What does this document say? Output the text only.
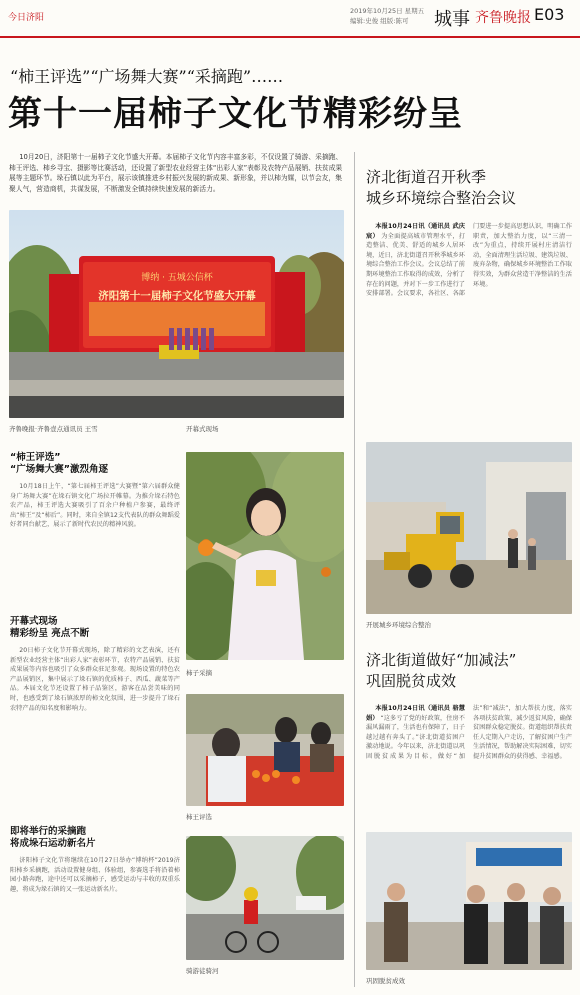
今日济阳
2019年10月25日 星期五
编辑:史俊 组版:陈可	城事 齐鲁晚报 E03
“柿王评选”“广场舞大赛”“采摘跑”……
第十一届柿子文化节精彩纷呈
10月20日，济阳第十一届柿子文化节盛大开幕。本届柿子文化节内容丰富多彩，不仅设置了骑游、采摘跑、柿王评选、柿乡寻宝、摄影等比赛活动，还设置了新型农业经营主体“出彩人家”表彰及农特产品展销、扶贫成果展等主题环节。垛石镇以此为平台，展示该镇推进乡村振兴发展的新成果、新形象，并以柿为媒，以节会友，集聚人气，营造商机，共谋发展，不断激发全镇持续快速发展的新活力。
博纳 · 五城公信杯
济阳第十一届柿子文化节盛大开幕
齐鲁晚报·齐鲁壹点通讯员 王雪	开幕式现场
“柿王评选”
“广场舞大赛”激烈角逐
10月18日上午，“第七届柿王评选”大赛暨“第六届群众健身广场舞大赛”在垛石镇文化广场拉开帷幕。为推介垛石特色农产品，柿王评选大赛吸引了百余户种植户参赛，最终评出“柿王”及“柿后”。同时，来自全镇12支代表队的群众舞蹈爱好者同台献艺，展示了新时代农民的精神风貌。
柿子采摘
开幕式现场
精彩纷呈 亮点不断
20日柿子文化节开幕式现场，除了精彩的文艺表演，还有新型农业经营主体“出彩人家”表彰环节，农特产品展销、扶贫成果展等内容也吸引了众多群众驻足参观。现场设置的特色农产品展销区，集中展示了垛石镇的优质柿子、西瓜、蔬菜等产品。本届文化节还设置了柿子品鉴区，游客在品尝美味的同时，也感受到了垛石镇浓厚的柿文化氛围，进一步提升了垛石农特产品的知名度和影响力。
柿王评选
即将举行的采摘跑
将成垛石运动新名片
济阳柿子文化节将继续在10月27日举办“博纳杯”2019济阳柿乡采摘跑，活动设置健身组、体验组，参赛选手将沿着柿园小路奔跑，途中还可以采摘柿子，感受运动与丰收的双重乐趣，将成为垛石镇的又一张运动新名片。
骑游徒骑河
济北街道召开秋季
城乡环境综合整治会议
本报10月24日讯（通讯员 武庆宸） 为全面提高城市管理水平，打造整洁、优美、舒适的城乡人居环境，近日，济北街道召开秋季城乡环境综合整治工作会议。会议总结了前期环境整治工作取得的成效，分析了存在的问题，并对下一步工作进行了安排部署。会议要求，各社区、各部门要进一步提高思想认识，明确工作职责，加大整治力度，以“三清一改”为重点，持续开展村庄清洁行动，全面清理生活垃圾、建筑垃圾、废弃杂物，确保城乡环境整治工作取得实效，为群众营造干净整洁的生活环境。
开展城乡环境综合整治
济北街道做好“加减法”
巩固脱贫成效
本报10月24日讯（通讯员 骆慧娟） “这多亏了党的好政策，住房不漏风漏雨了，生活也有保障了，日子越过越有奔头了。”济北街道贫困户激动地说。今年以来，济北街道以巩固脱贫成果为目标，做好“加法”和“减法”，加大帮扶力度，落实各项扶贫政策，减少返贫风险，确保贫困群众稳定脱贫。街道组织帮扶责任人定期入户走访，了解贫困户生产生活情况，帮助解决实际困难，切实提升贫困群众的获得感、幸福感。
巩固脱贫成效
